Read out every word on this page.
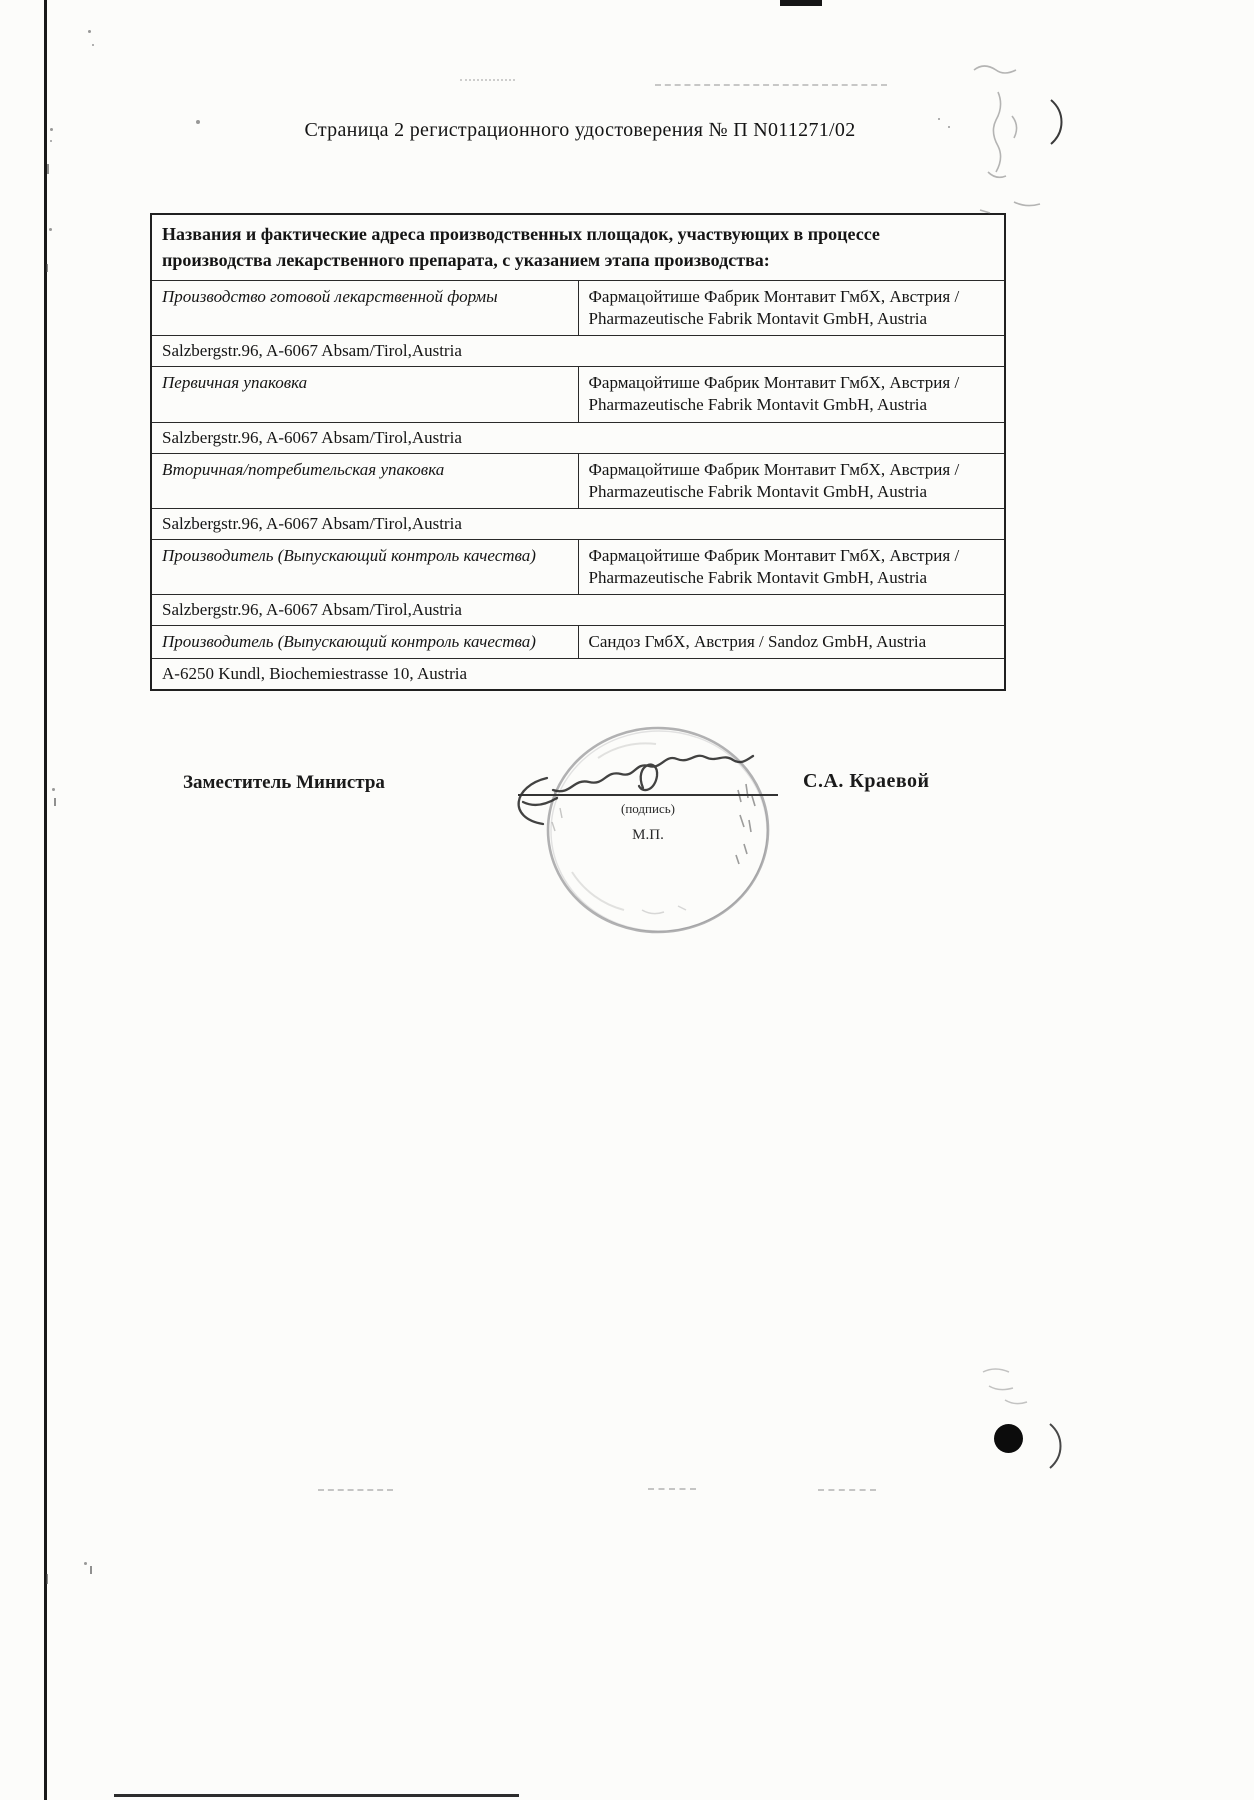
Страница 2 регистрационного удостоверения № П N011271/02
Названия и фактические адреса производственных площадок, участвующих в процессе производства лекарственного препарата, с указанием этапа производства:	
Производство готовой лекарственной формы	Фармацойтише Фабрик Монтавит ГмбХ, Австрия / Pharmazeutische Fabrik Montavit GmbH, Austria
Salzbergstr.96, A-6067 Absam/Tirol,Austria	
Первичная упаковка	Фармацойтише Фабрик Монтавит ГмбХ, Австрия / Pharmazeutische Fabrik Montavit GmbH, Austria
Salzbergstr.96, A-6067 Absam/Tirol,Austria	
Вторичная/потребительская упаковка	Фармацойтише Фабрик Монтавит ГмбХ, Австрия / Pharmazeutische Fabrik Montavit GmbH, Austria
Salzbergstr.96, A-6067 Absam/Tirol,Austria	
Производитель (Выпускающий контроль качества)	Фармацойтише Фабрик Монтавит ГмбХ, Австрия / Pharmazeutische Fabrik Montavit GmbH, Austria
Salzbergstr.96, A-6067 Absam/Tirol,Austria	
Производитель (Выпускающий контроль качества)	Сандоз ГмбХ, Австрия / Sandoz GmbH, Austria
A-6250 Kundl, Biochemiestrasse 10, Austria	
Заместитель Министра
(подпись)
М.П.
С.А. Краевой
